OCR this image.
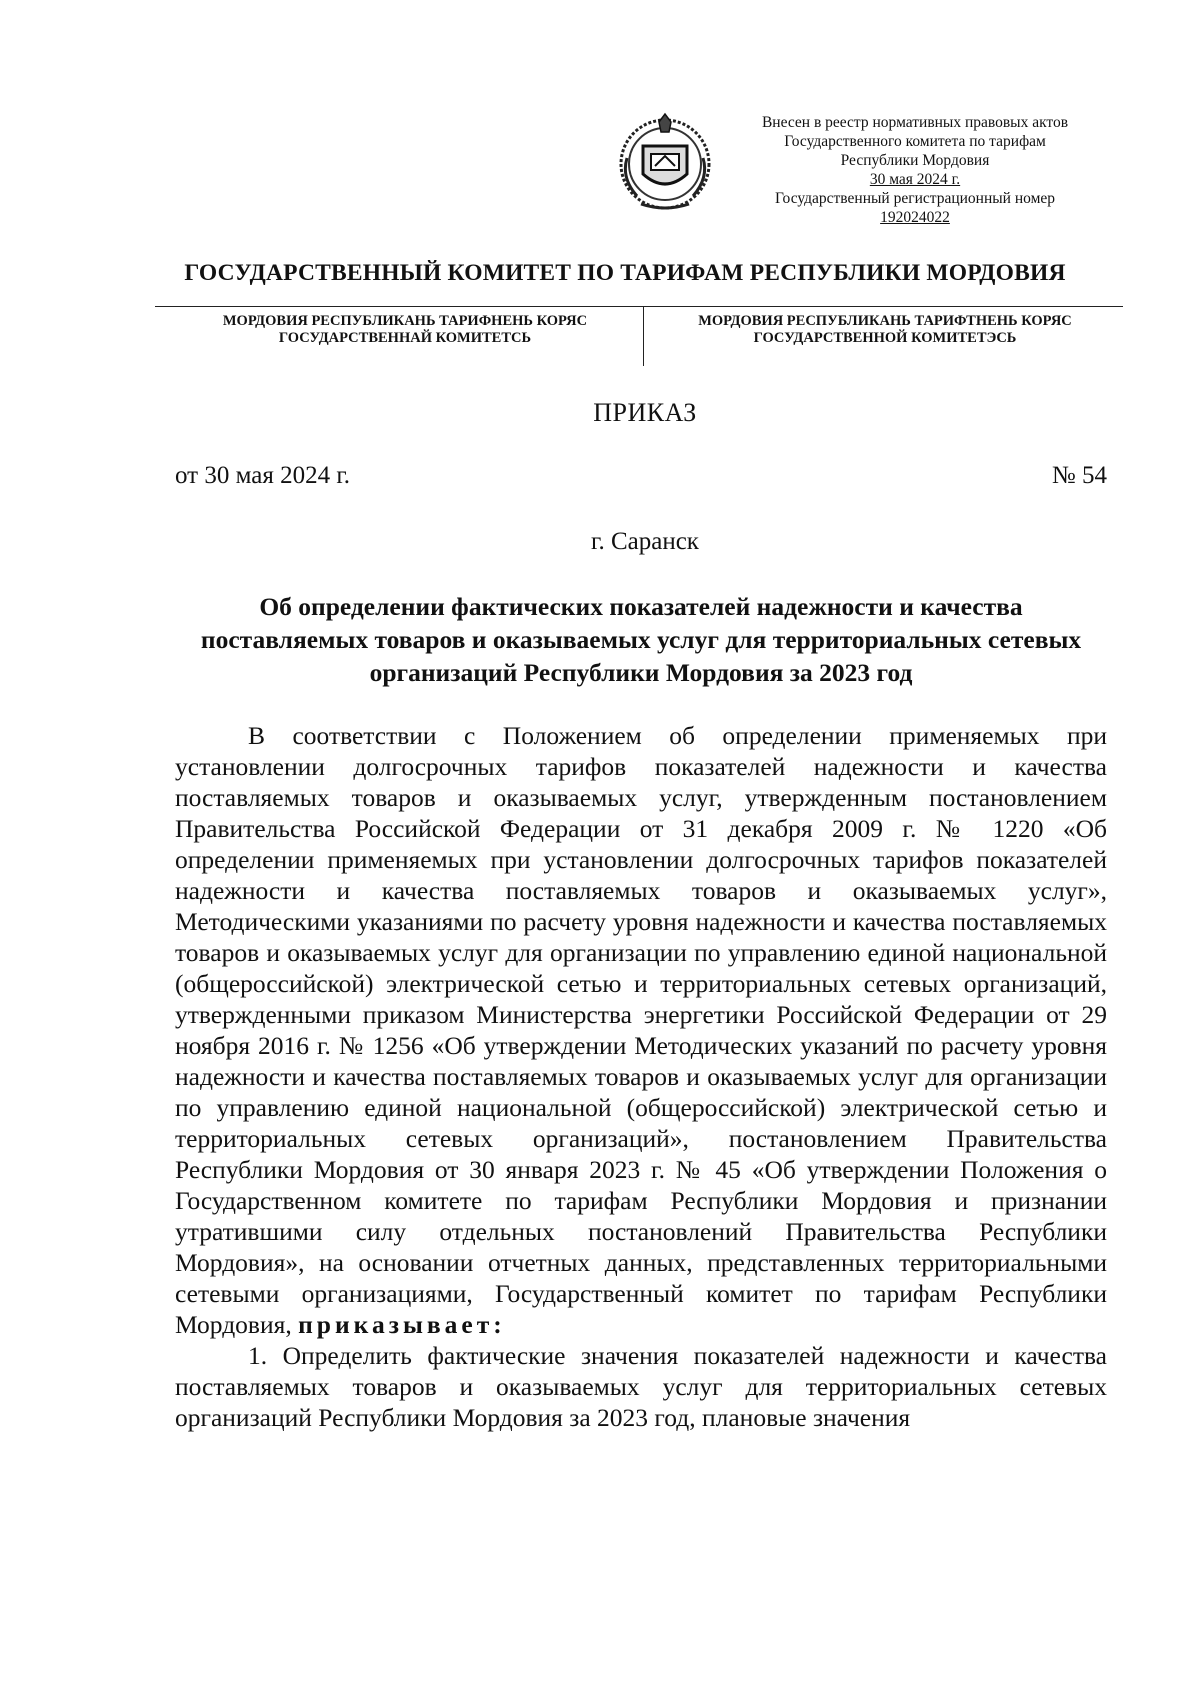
Внесен в реестр нормативных правовых актов
Государственного комитета по тарифам
Республики Мордовия
30 мая 2024 г.
Государственный регистрационный номер
192024022
ГОСУДАРСТВЕННЫЙ КОМИТЕТ ПО ТАРИФАМ РЕСПУБЛИКИ МОРДОВИЯ
МОРДОВИЯ РЕСПУБЛИКАНЬ ТАРИФНЕНЬ КОРЯС
ГОСУДАРСТВЕННАЙ КОМИТЕТСЬ
МОРДОВИЯ РЕСПУБЛИКАНЬ ТАРИФТНЕНЬ КОРЯС
ГОСУДАРСТВЕННОЙ КОМИТЕТЭСЬ
ПРИКАЗ
от 30 мая 2024 г.	№ 54
г. Саранск
Об определении фактических показателей надежности и качества поставляемых товаров и оказываемых услуг для территориальных сетевых организаций Республики Мордовия за 2023 год

В соответствии с Положением об определении применяемых при установлении долгосрочных тарифов показателей надежности и качества поставляемых товаров и оказываемых услуг, утвержденным постановлением Правительства Российской Федерации от 31 декабря 2009 г. № 1220 «Об определении применяемых при установлении долгосрочных тарифов показателей надежности и качества поставляемых товаров и оказываемых услуг», Методическими указаниями по расчету уровня надежности и качества поставляемых товаров и оказываемых услуг для организации по управлению единой национальной (общероссийской) электрической сетью и территориальных сетевых организаций, утвержденными приказом Министерства энергетики Российской Федерации от 29 ноября 2016 г. № 1256 «Об утверждении Методических указаний по расчету уровня надежности и качества поставляемых товаров и оказываемых услуг для организации по управлению единой национальной (общероссийской) электрической сетью и территориальных сетевых организаций», постановлением Правительства Республики Мордовия от 30 января 2023 г. № 45 «Об утверждении Положения о Государственном комитете по тарифам Республики Мордовия и признании утратившими силу отдельных постановлений Правительства Республики Мордовия», на основании отчетных данных, представленных территориальными сетевыми организациями, Государственный комитет по тарифам Республики Мордовия, приказывает:

1. Определить фактические значения показателей надежности и качества поставляемых товаров и оказываемых услуг для территориальных сетевых организаций Республики Мордовия за 2023 год, плановые значения
